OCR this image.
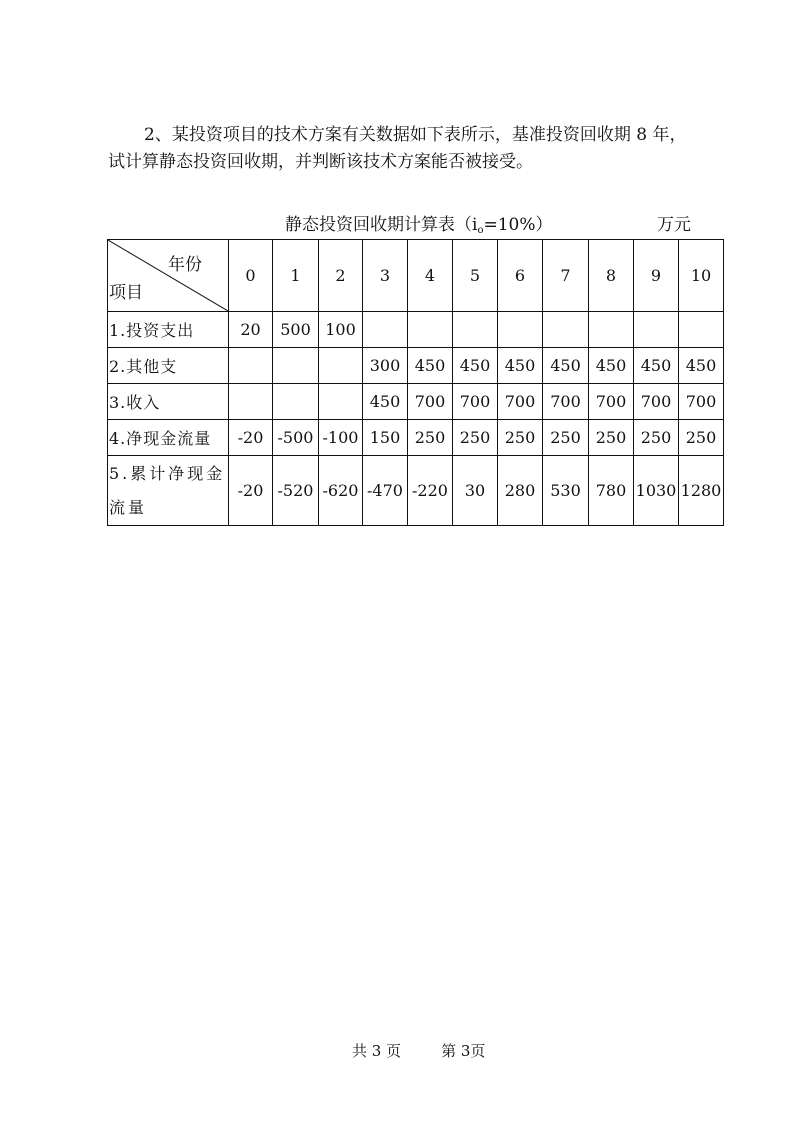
2、某投资项目的技术方案有关数据如下表所示，基准投资回收期 8 年，
试计算静态投资回收期，并判断该技术方案能否被接受。

静态投资回收期计算表$(i_o=10\%)$	万元
年份
项目	0	1	2	3	4	5	6	7	8	9	10
1.投资支出	20	500	100								
2.其他支				300	450	450	450	450	450	450	450
3.收入				450	700	700	700	700	700	700	700
4.净现金流量	-20	-500	-100	150	250	250	250	250	250	250	250
5.累计净现金流量	-20	-520	-620	-470	-220	30	280	530	780	1030	1280
共 3 页	第 3页
